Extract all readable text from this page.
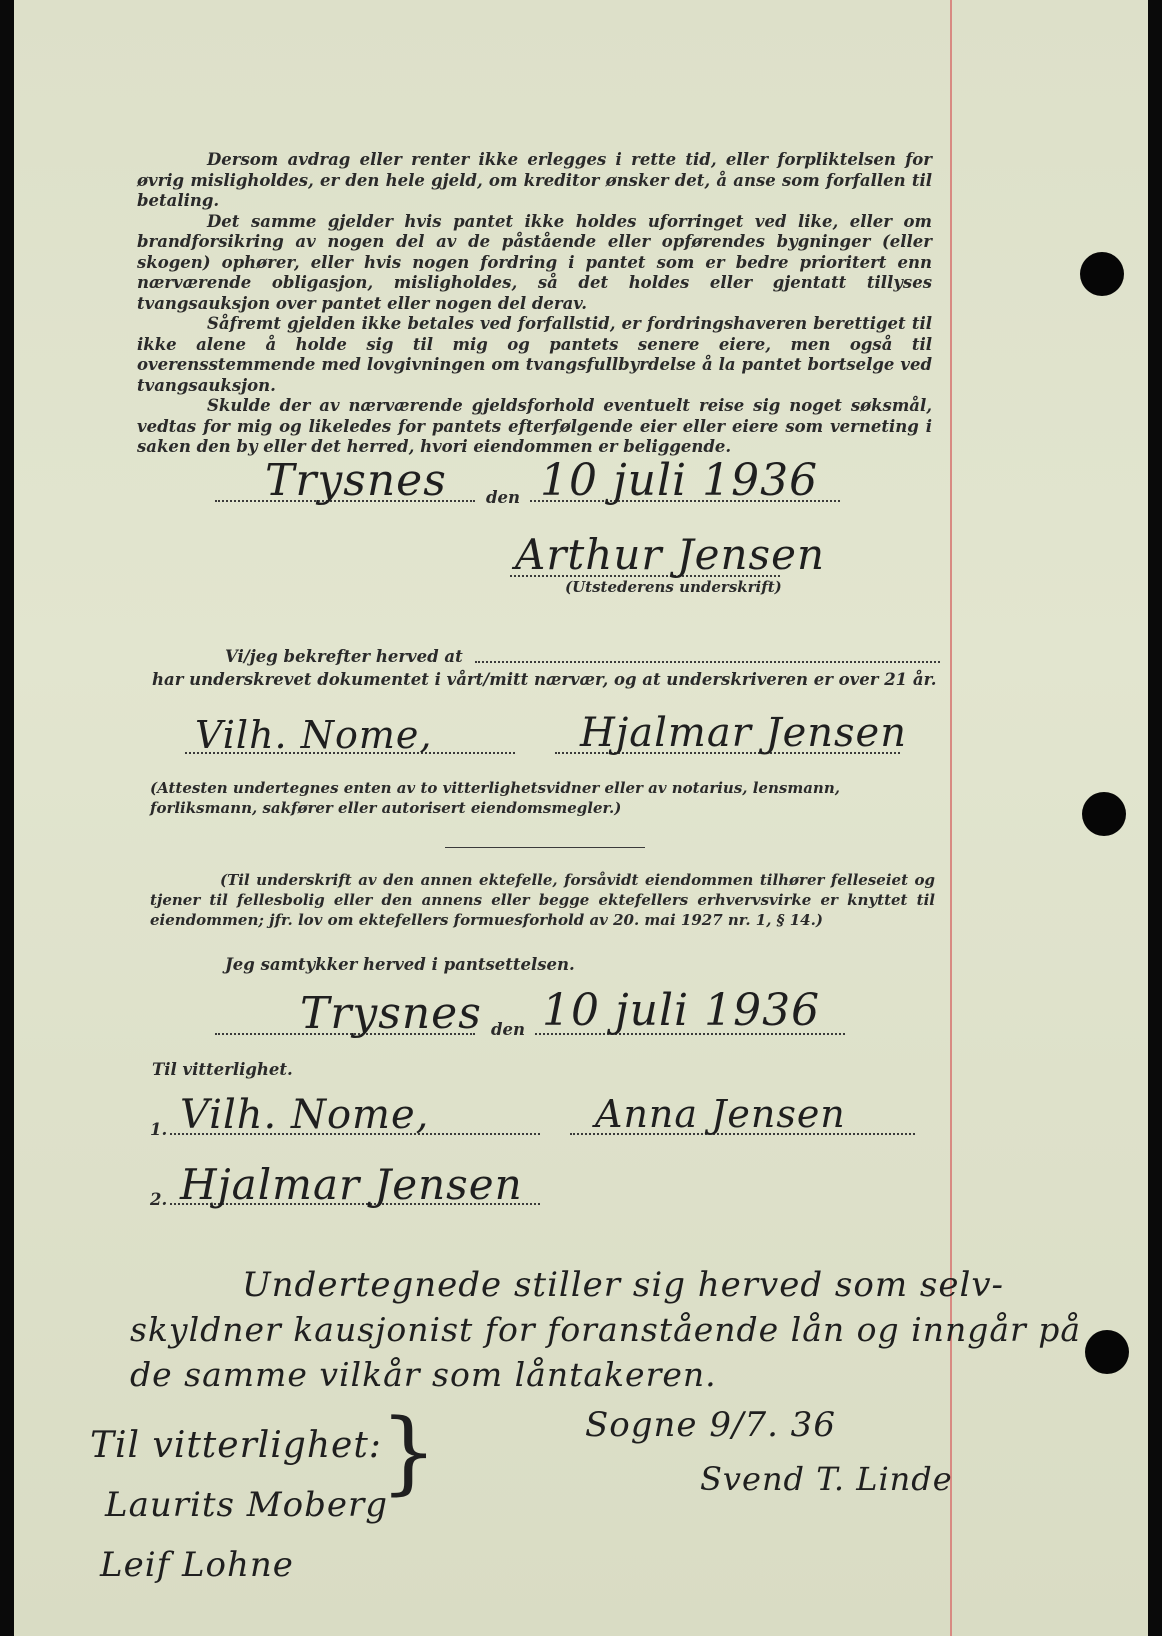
Dersom avdrag eller renter ikke erlegges i rette tid, eller forpliktelsen for øvrig misligholdes, er den hele gjeld, om kreditor ønsker det, å anse som forfallen til betaling.

Det samme gjelder hvis pantet ikke holdes uforringet ved like, eller om brandforsikring av nogen del av de påstående eller opførendes bygninger (eller skogen) ophører, eller hvis nogen fordring i pantet som er bedre prioritert enn nærværende obligasjon, misligholdes, så det holdes eller gjentatt tillyses tvangsauksjon over pantet eller nogen del derav.

Såfremt gjelden ikke betales ved forfallstid, er fordringshaveren berettiget til ikke alene å holde sig til mig og pantets senere eiere, men også til overensstemmende med lovgivningen om tvangsfullbyrdelse å la pantet bortselge ved tvangsauksjon.

Skulde der av nærværende gjeldsforhold eventuelt reise sig noget søksmål, vedtas for mig og likeledes for pantets efterfølgende eier eller eiere som verneting i saken den by eller det herred, hvori eiendommen er beliggende.

Trysnes den 10 juli 1936
Arthur Jensen
(Utstederens underskrift)
Vi/jeg bekrefter herved at
har underskrevet dokumentet i vårt/mitt nærvær, og at underskriveren er over 21 år.
Vilh. Nome,	Hjalmar Jensen
(Attesten undertegnes enten av to vitterlighetsvidner eller av notarius, lensmann, forliksmann, sakfører eller autorisert eiendomsmegler.)
(Til underskrift av den annen ektefelle, forsåvidt eiendommen tilhører felleseiet og tjener til fellesbolig eller den annens eller begge ektefellers erhvervsvirke er knyttet til eiendommen; jfr. lov om ektefellers formuesforhold av 20. mai 1927 nr. 1, § 14.)
Jeg samtykker herved i pantsettelsen.
Trysnes den 10 juli 1936
Til vitterlighet.
1. Vilh. Nome,	Anna Jensen
2. Hjalmar Jensen
Undertegnede stiller sig herved som selv-
skyldner kausjonist for foranstående lån og inngår på
de samme vilkår som låntakeren.
Sogne 9/7. 36
Svend T. Linde
Til vitterlighet:
Laurits Moberg
Leif Lohne
}
